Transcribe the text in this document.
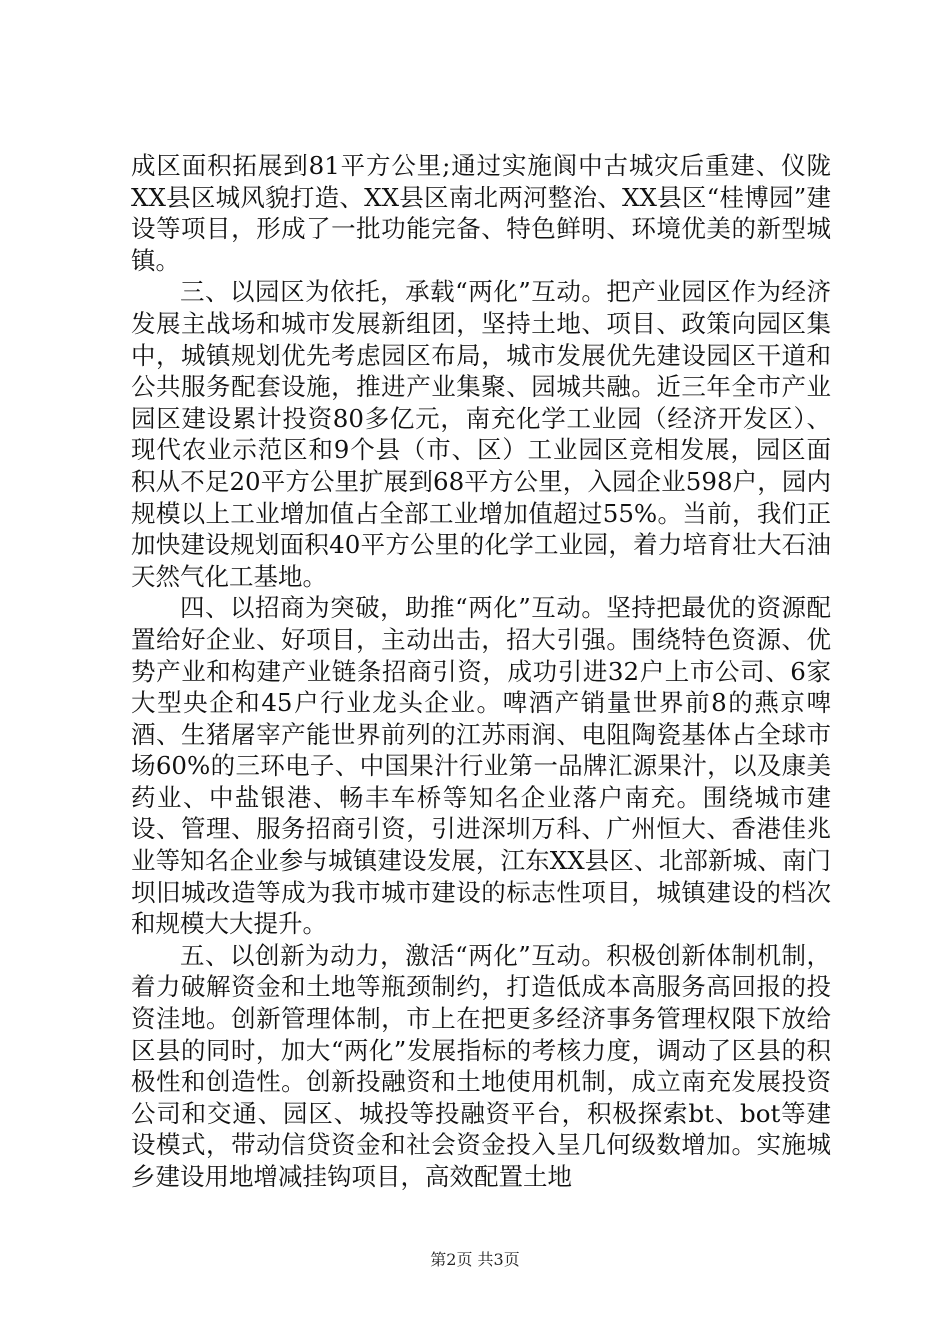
成区面积拓展到81平方公里;通过实施阆中古城灾后重建、仪陇XX县区城风貌打造、XX县区南北两河整治、XX县区“桂博园”建设等项目，形成了一批功能完备、特色鲜明、环境优美的新型城镇。

三、以园区为依托，承载“两化”互动。把产业园区作为经济发展主战场和城市发展新组团，坚持土地、项目、政策向园区集中，城镇规划优先考虑园区布局，城市发展优先建设园区干道和公共服务配套设施，推进产业集聚、园城共融。近三年全市产业园区建设累计投资80多亿元，南充化学工业园（经济开发区）、现代农业示范区和9个县（市、区）工业园区竞相发展，园区面积从不足20平方公里扩展到68平方公里，入园企业598户，园内规模以上工业增加值占全部工业增加值超过55%。当前，我们正加快建设规划面积40平方公里的化学工业园，着力培育壮大石油天然气化工基地。

四、以招商为突破，助推“两化”互动。坚持把最优的资源配置给好企业、好项目，主动出击，招大引强。围绕特色资源、优势产业和构建产业链条招商引资，成功引进32户上市公司、6家大型央企和45户行业龙头企业。啤酒产销量世界前8的燕京啤酒、生猪屠宰产能世界前列的江苏雨润、电阻陶瓷基体占全球市场60%的三环电子、中国果汁行业第一品牌汇源果汁，以及康美药业、中盐银港、畅丰车桥等知名企业落户南充。围绕城市建设、管理、服务招商引资，引进深圳万科、广州恒大、香港佳兆业等知名企业参与城镇建设发展，江东XX县区、北部新城、南门坝旧城改造等成为我市城市建设的标志性项目，城镇建设的档次和规模大大提升。

五、以创新为动力，激活“两化”互动。积极创新体制机制，着力破解资金和土地等瓶颈制约，打造低成本高服务高回报的投资洼地。创新管理体制，市上在把更多经济事务管理权限下放给区县的同时，加大“两化”发展指标的考核力度，调动了区县的积极性和创造性。创新投融资和土地使用机制，成立南充发展投资公司和交通、园区、城投等投融资平台，积极探索bt、bot等建设模式，带动信贷资金和社会资金投入呈几何级数增加。实施城乡建设用地增减挂钩项目，高效配置土地

第2页 共3页
